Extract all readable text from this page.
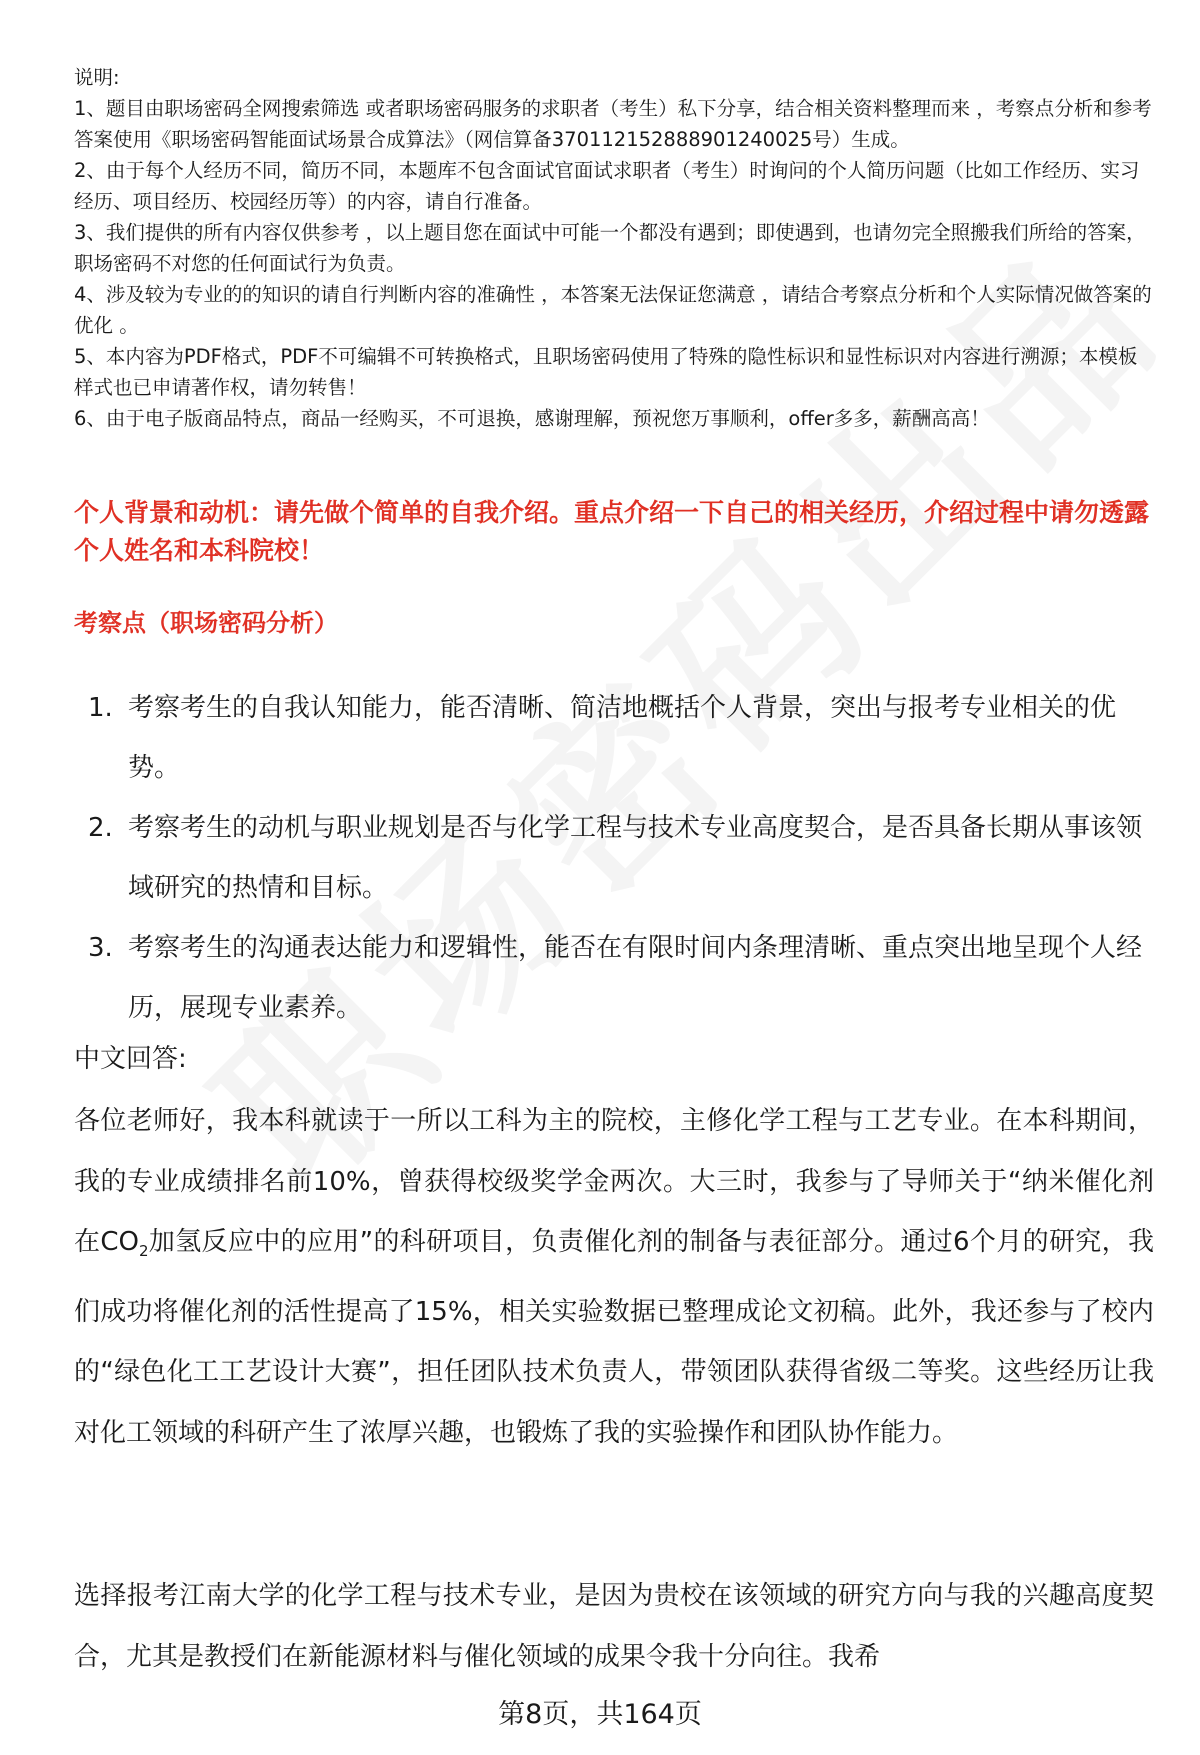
说明:

1、题目由职场密码全网搜索筛选 或者职场密码服务的求职者（考生）私下分享，结合相关资料整理而来 ，考察点分析和参考答案使用《职场密码智能面试场景合成算法》（网信算备370112152888901240025号）生成。

2、由于每个人经历不同，简历不同，本题库不包含面试官面试求职者（考生）时询问的个人简历问题（比如工作经历、实习经历、项目经历、校园经历等）的内容，请自行准备。

3、我们提供的所有内容仅供参考 ，以上题目您在面试中可能一个都没有遇到；即使遇到，也请勿完全照搬我们所给的答案，职场密码不对您的任何面试行为负责。

4、涉及较为专业的的知识的请自行判断内容的准确性 ，本答案无法保证您满意 ，请结合考察点分析和个人实际情况做答案的优化 。

5、本内容为PDF格式，PDF不可编辑不可转换格式，且职场密码使用了特殊的隐性标识和显性标识对内容进行溯源；本模板样式也已申请著作权，请勿转售！

6、由于电子版商品特点，商品一经购买，不可退换，感谢理解，预祝您万事顺利，offer多多，薪酬高高！

个人背景和动机：请先做个简单的自我介绍。重点介绍一下自己的相关经历，介绍过程中请勿透露个人姓名和本科院校！

考察点（职场密码分析）

1. 考察考生的自我认知能力，能否清晰、简洁地概括个人背景，突出与报考专业相关的优势。
2. 考察考生的动机与职业规划是否与化学工程与技术专业高度契合，是否具备长期从事该领域研究的热情和目标。
3. 考察考生的沟通表达能力和逻辑性，能否在有限时间内条理清晰、重点突出地呈现个人经历，展现专业素养。

中文回答:

各位老师好，我本科就读于一所以工科为主的院校，主修化学工程与工艺专业。在本科期间，我的专业成绩排名前10%，曾获得校级奖学金两次。大三时，我参与了导师关于“纳米催化剂在$CO_2$加氢反应中的应用”的科研项目，负责催化剂的制备与表征部分。通过6个月的研究，我们成功将催化剂的活性提高了15%，相关实验数据已整理成论文初稿。此外，我还参与了校内的“绿色化工工艺设计大赛”，担任团队技术负责人，带领团队获得省级二等奖。这些经历让我对化工领域的科研产生了浓厚兴趣，也锻炼了我的实验操作和团队协作能力。

选择报考江南大学的化学工程与技术专业，是因为贵校在该领域的研究方向与我的兴趣高度契合，尤其是教授们在新能源材料与催化领域的成果令我十分向往。我希

第8页，共164页
